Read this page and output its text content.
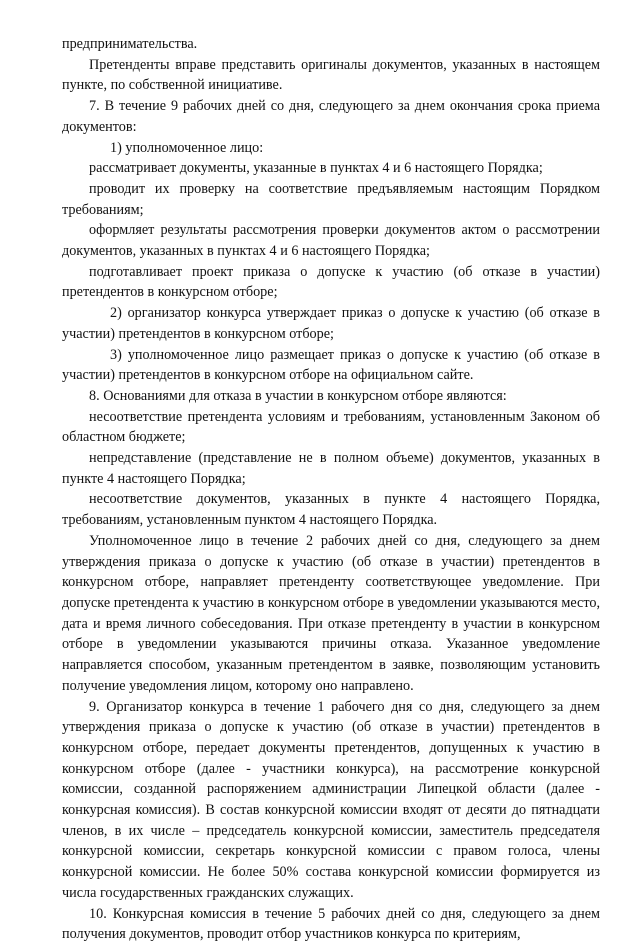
предпринимательства.

Претенденты вправе представить оригиналы документов, указанных в настоящем пункте, по собственной инициативе.

7. В течение 9 рабочих дней со дня, следующего за днем окончания срока приема документов:

1) уполномоченное лицо:

рассматривает документы, указанные в пунктах 4 и 6 настоящего Порядка;

проводит их проверку на соответствие предъявляемым настоящим Порядком требованиям;

оформляет результаты рассмотрения проверки документов актом о рассмотрении документов, указанных в пунктах 4 и 6 настоящего Порядка;

подготавливает проект приказа о допуске к участию (об отказе в участии) претендентов в конкурсном отборе;

2) организатор конкурса утверждает приказ о допуске к участию (об отказе в участии) претендентов в конкурсном отборе;

3) уполномоченное лицо размещает приказ о допуске к участию (об отказе в участии) претендентов в конкурсном отборе на официальном сайте.

8. Основаниями для отказа в участии в конкурсном отборе являются:

несоответствие претендента условиям и требованиям, установленным Законом об областном бюджете;

непредставление (представление не в полном объеме) документов, указанных в пункте 4 настоящего Порядка;

несоответствие документов, указанных в пункте 4 настоящего Порядка, требованиям, установленным пунктом 4 настоящего Порядка.

Уполномоченное лицо в течение 2 рабочих дней со дня, следующего за днем утверждения приказа о допуске к участию (об отказе в участии) претендентов в конкурсном отборе, направляет претенденту соответствующее уведомление. При допуске претендента к участию в конкурсном отборе в уведомлении указываются место, дата и время личного собеседования. При отказе претенденту в участии в конкурсном отборе в уведомлении указываются причины отказа. Указанное уведомление направляется способом, указанным претендентом в заявке, позволяющим установить получение уведомления лицом, которому оно направлено.

9. Организатор конкурса в течение 1 рабочего дня со дня, следующего за днем утверждения приказа о допуске к участию (об отказе в участии) претендентов в конкурсном отборе, передает документы претендентов, допущенных к участию в конкурсном отборе (далее - участники конкурса), на рассмотрение конкурсной комиссии, созданной распоряжением администрации Липецкой области (далее - конкурсная комиссия). В состав конкурсной комиссии входят от десяти до пятнадцати членов, в их числе – председатель конкурсной комиссии, заместитель председателя конкурсной комиссии, секретарь конкурсной комиссии с правом голоса, члены конкурсной комиссии. Не более 50% состава конкурсной комиссии формируется из числа государственных гражданских служащих.

10. Конкурсная комиссия в течение 5 рабочих дней со дня, следующего за днем получения документов, проводит отбор участников конкурса по критериям,
